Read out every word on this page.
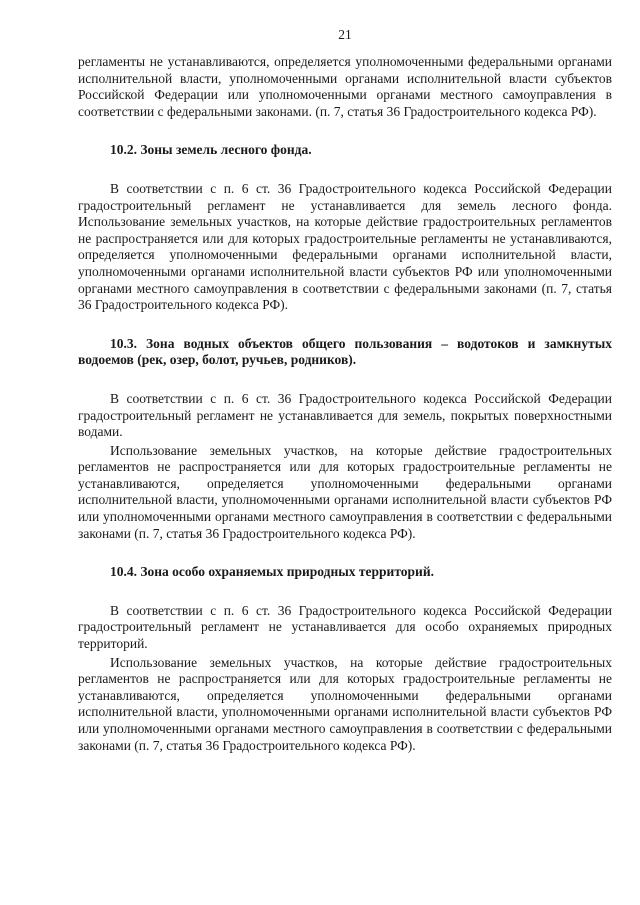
21

регламенты не устанавливаются, определяется уполномоченными федеральными органами исполнительной власти, уполномоченными органами исполнительной власти субъектов Российской Федерации или уполномоченными органами местного самоуправления в соответствии с федеральными законами. (п. 7, статья 36 Градостроительного кодекса РФ).

10.2. Зоны земель лесного фонда.

В соответствии с п. 6 ст. 36 Градостроительного кодекса Российской Федерации градостроительный регламент не устанавливается для земель лесного фонда. Использование земельных участков, на которые действие градостроительных регламентов не распространяется или для которых градостроительные регламенты не устанавливаются, определяется уполномоченными федеральными органами исполнительной власти, уполномоченными органами исполнительной власти субъектов РФ или уполномоченными органами местного самоуправления в соответствии с федеральными законами (п. 7, статья 36 Градостроительного кодекса РФ).

10.3. Зона водных объектов общего пользования – водотоков и замкнутых водоемов (рек, озер, болот, ручьев, родников).

В соответствии с п. 6 ст. 36 Градостроительного кодекса Российской Федерации градостроительный регламент не устанавливается для земель, покрытых поверхностными водами.

Использование земельных участков, на которые действие градостроительных регламентов не распространяется или для которых градостроительные регламенты не устанавливаются, определяется уполномоченными федеральными органами исполнительной власти, уполномоченными органами исполнительной власти субъектов РФ или уполномоченными органами местного самоуправления в соответствии с федеральными законами (п. 7, статья 36 Градостроительного кодекса РФ).

10.4. Зона особо охраняемых природных территорий.

В соответствии с п. 6 ст. 36 Градостроительного кодекса Российской Федерации градостроительный регламент не устанавливается для особо охраняемых природных территорий.

Использование земельных участков, на которые действие градостроительных регламентов не распространяется или для которых градостроительные регламенты не устанавливаются, определяется уполномоченными федеральными органами исполнительной власти, уполномоченными органами исполнительной власти субъектов РФ или уполномоченными органами местного самоуправления в соответствии с федеральными законами (п. 7, статья 36 Градостроительного кодекса РФ).
